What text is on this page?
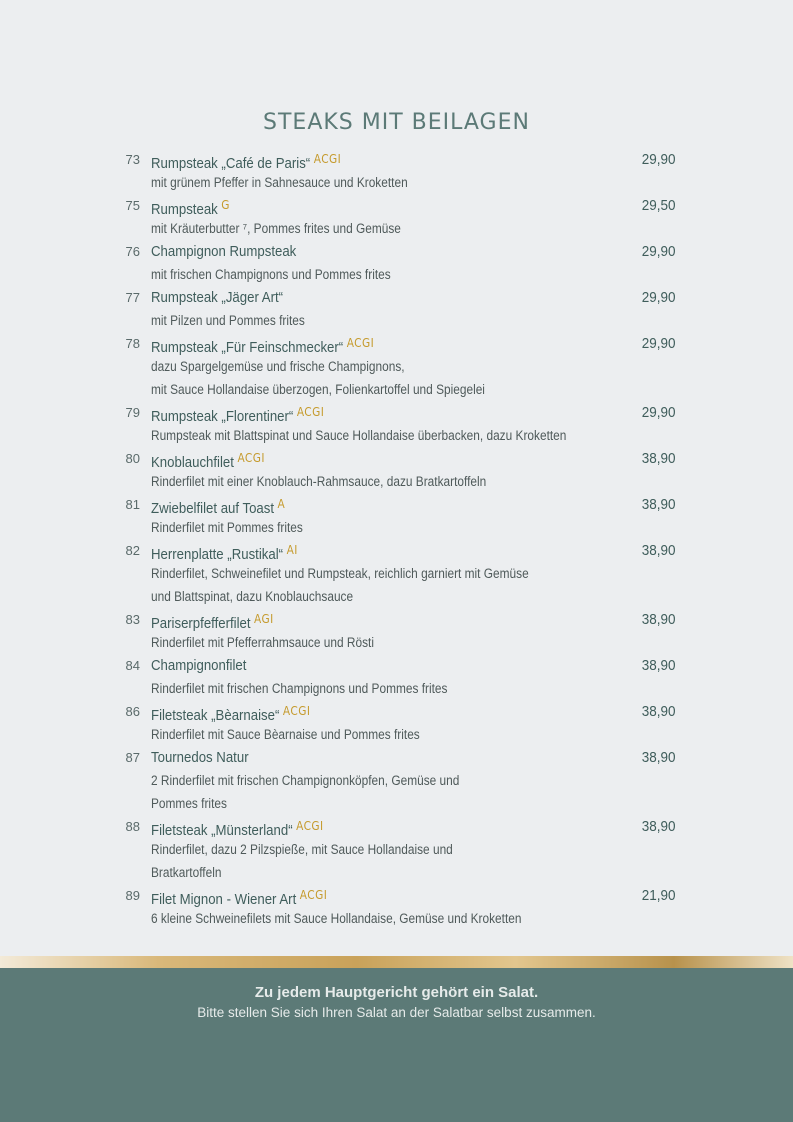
STEAKS MIT BEILAGEN
73 Rumpsteak „Café de Paris“ $^{ACGI}$	29,90
mit grünem Pfeffer in Sahnesauce und Kroketten
75 Rumpsteak $^G$	29,50
mit Kräuterbutter ⁷, Pommes frites und Gemüse
76 Champignon Rumpsteak	29,90
mit frischen Champignons und Pommes frites
77 Rumpsteak „Jäger Art“	29,90
mit Pilzen und Pommes frites
78 Rumpsteak „Für Feinschmecker“ $^{ACGI}$	29,90
dazu Spargelgemüse und frische Champignons,
mit Sauce Hollandaise überzogen, Folienkartoffel und Spiegelei
79 Rumpsteak „Florentiner“ $^{ACGI}$	29,90
Rumpsteak mit Blattspinat und Sauce Hollandaise überbacken, dazu Kroketten
80 Knoblauchfilet $^{ACGI}$	38,90
Rinderfilet mit einer Knoblauch-Rahmsauce, dazu Bratkartoffeln
81 Zwiebelfilet auf Toast $^A$	38,90
Rinderfilet mit Pommes frites
82 Herrenplatte „Rustikal“ $^{AI}$	38,90
Rinderfilet, Schweinefilet und Rumpsteak, reichlich garniert mit Gemüse
und Blattspinat, dazu Knoblauchsauce
83 Pariserpfefferfilet $^{AGI}$	38,90
Rinderfilet mit Pfefferrahmsauce und Rösti
84 Champignonfilet	38,90
Rinderfilet mit frischen Champignons und Pommes frites
86 Filetsteak „Bèarnaise“ $^{ACGI}$	38,90
Rinderfilet mit Sauce Bèarnaise und Pommes frites
87 Tournedos Natur	38,90
2 Rinderfilet mit frischen Champignonköpfen, Gemüse und
Pommes frites
88 Filetsteak „Münsterland“ $^{ACGI}$	38,90
Rinderfilet, dazu 2 Pilzspieße, mit Sauce Hollandaise und
Bratkartoffeln
89 Filet Mignon - Wiener Art $^{ACGI}$	21,90
6 kleine Schweinefilets mit Sauce Hollandaise, Gemüse und Kroketten
Zu jedem Hauptgericht gehört ein Salat.
Bitte stellen Sie sich Ihren Salat an der Salatbar selbst zusammen.
